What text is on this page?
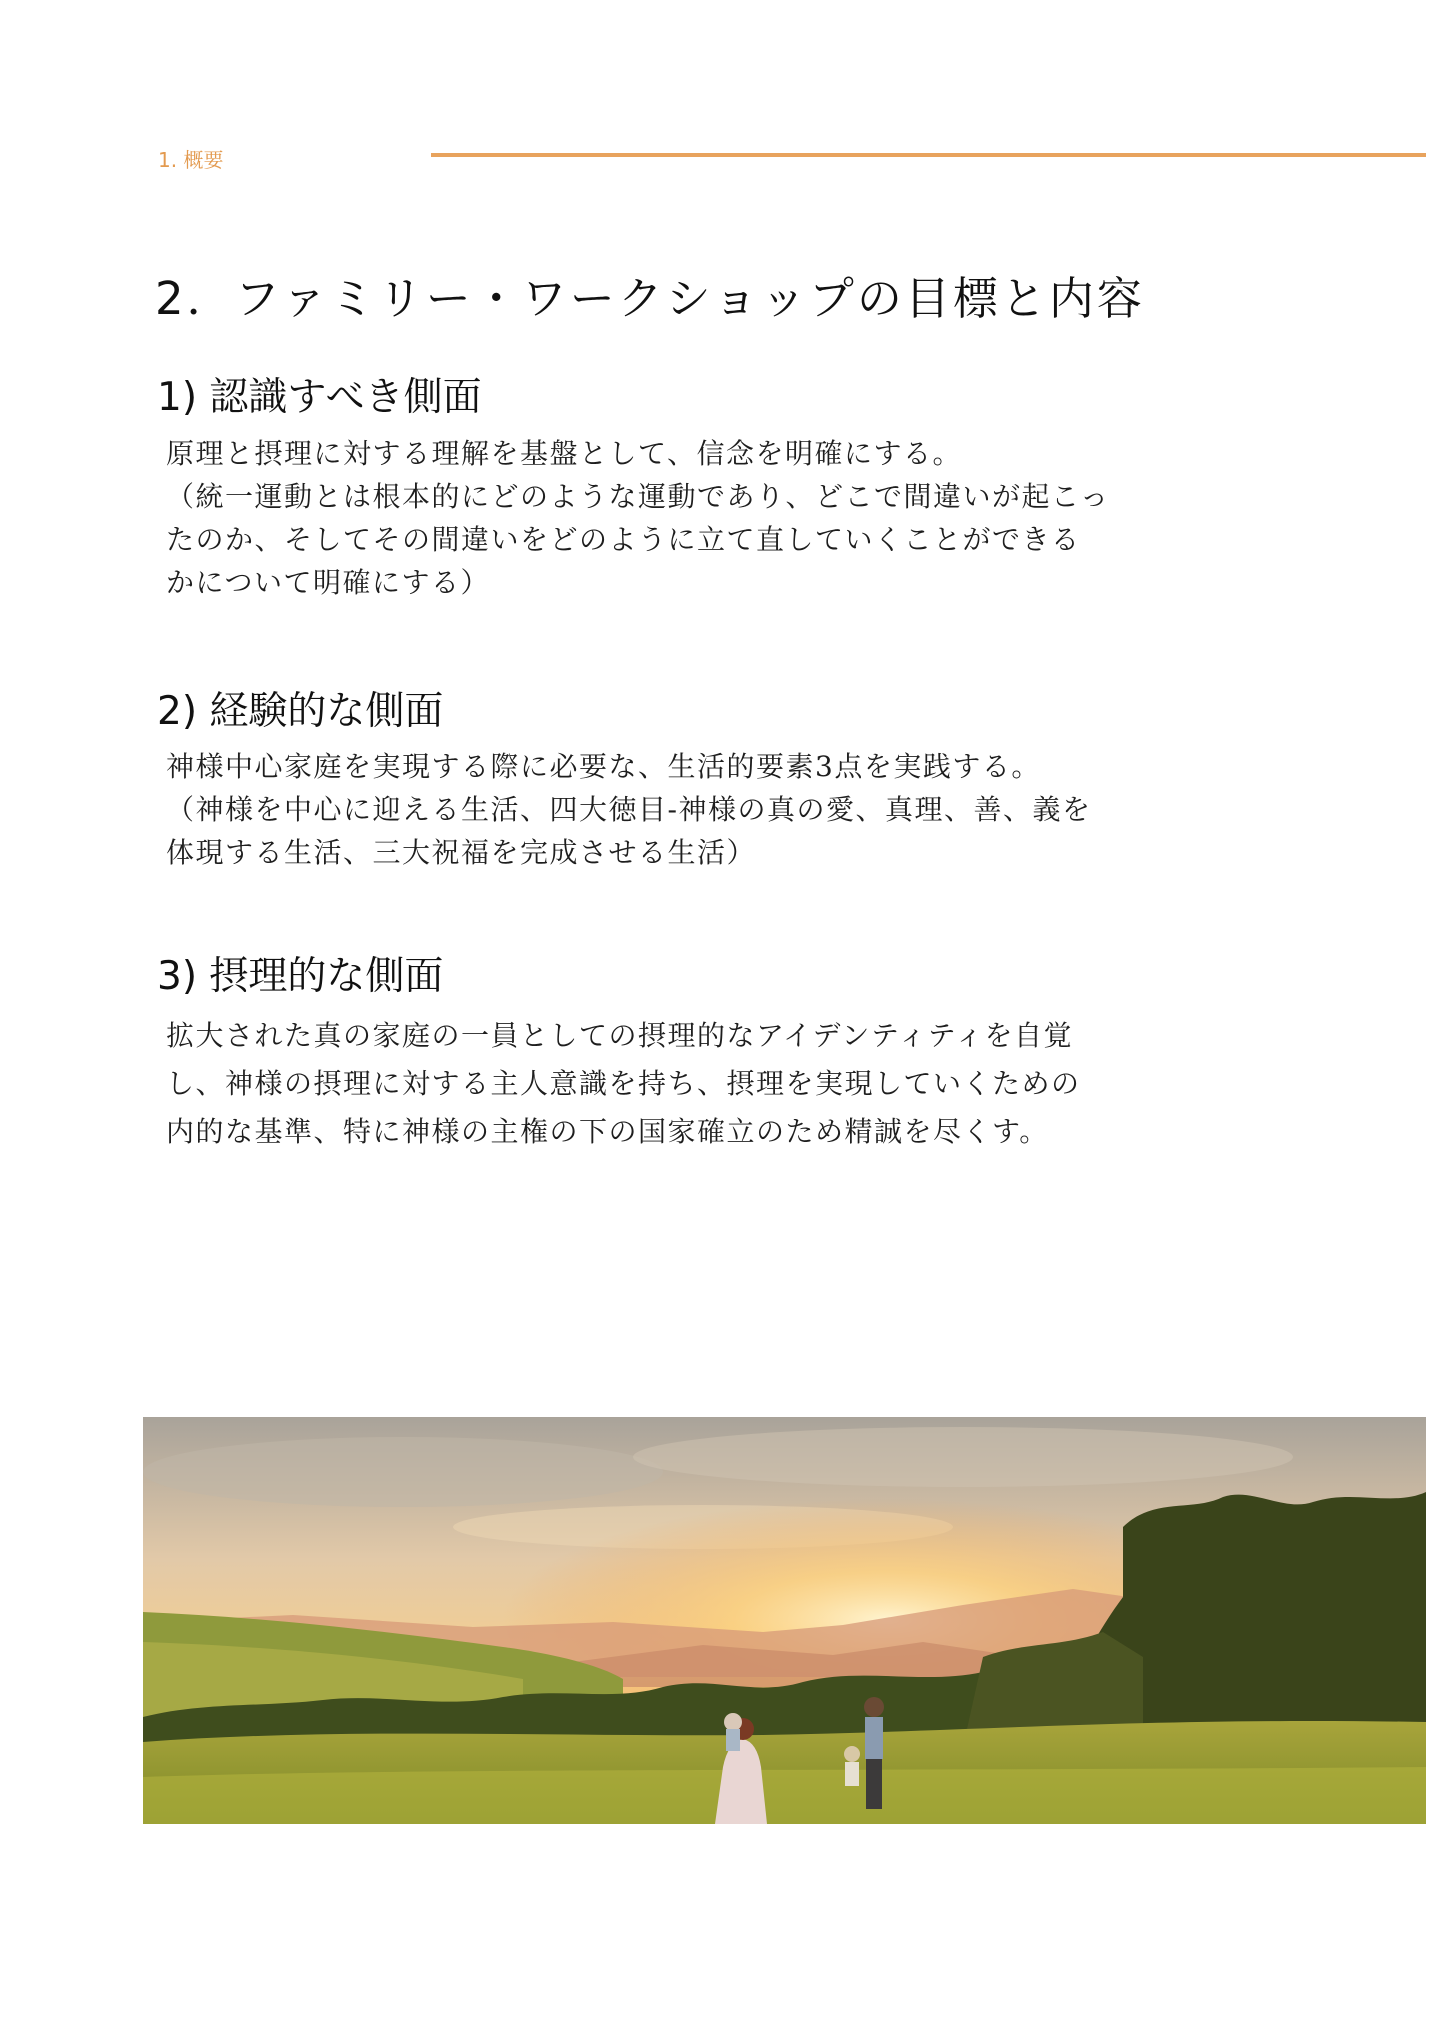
1. 概要
2．ファミリー・ワークショップの目標と内容
1) 認識すべき側面
原理と摂理に対する理解を基盤として、信念を明確にする。
（統一運動とは根本的にどのような運動であり、どこで間違いが起こっ
たのか、そしてその間違いをどのように立て直していくことができる
かについて明確にする）
2) 経験的な側面
神様中心家庭を実現する際に必要な、生活的要素3点を実践する。
（神様を中心に迎える生活、四大徳目-神様の真の愛、真理、善、義を
体現する生活、三大祝福を完成させる生活）
3) 摂理的な側面
拡大された真の家庭の一員としての摂理的なアイデンティティを自覚
し、神様の摂理に対する主人意識を持ち、摂理を実現していくための
内的な基準、特に神様の主権の下の国家確立のため精誠を尽くす。
